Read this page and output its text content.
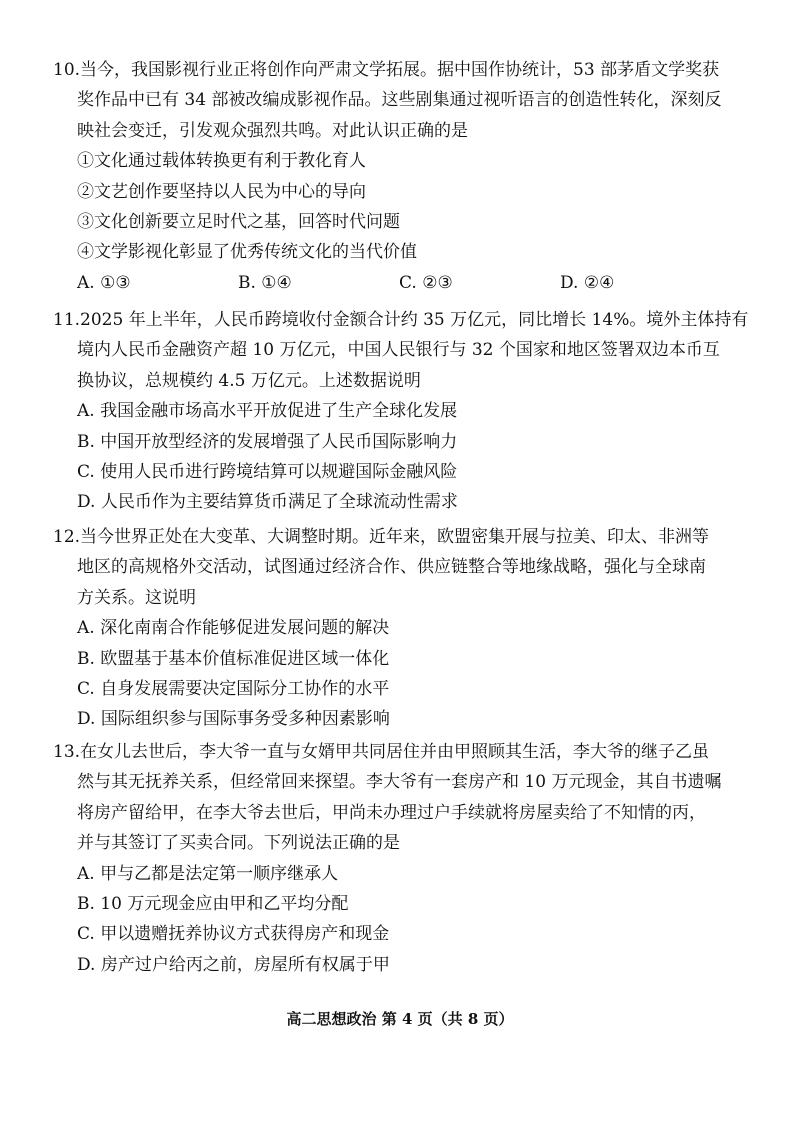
10.当今，我国影视行业正将创作向严肃文学拓展。据中国作协统计，53 部茅盾文学奖获
奖作品中已有 34 部被改编成影视作品。这些剧集通过视听语言的创造性转化，深刻反
映社会变迁，引发观众强烈共鸣。对此认识正确的是

①文化通过载体转换更有利于教化育人

②文艺创作要坚持以人民为中心的导向

③文化创新要立足时代之基，回答时代问题

④文学影视化彰显了优秀传统文化的当代价值

A. ①③	B. ①④	C. ②③	D. ②④

11.2025 年上半年，人民币跨境收付金额合计约 35 万亿元，同比增长 14%。境外主体持有
境内人民币金融资产超 10 万亿元，中国人民银行与 32 个国家和地区签署双边本币互
换协议，总规模约 4.5 万亿元。上述数据说明

A. 我国金融市场高水平开放促进了生产全球化发展

B. 中国开放型经济的发展增强了人民币国际影响力

C. 使用人民币进行跨境结算可以规避国际金融风险

D. 人民币作为主要结算货币满足了全球流动性需求

12.当今世界正处在大变革、大调整时期。近年来，欧盟密集开展与拉美、印太、非洲等
地区的高规格外交活动，试图通过经济合作、供应链整合等地缘战略，强化与全球南
方关系。这说明

A. 深化南南合作能够促进发展问题的解决

B. 欧盟基于基本价值标准促进区域一体化

C. 自身发展需要决定国际分工协作的水平

D. 国际组织参与国际事务受多种因素影响

13.在女儿去世后，李大爷一直与女婿甲共同居住并由甲照顾其生活，李大爷的继子乙虽
然与其无抚养关系，但经常回来探望。李大爷有一套房产和 10 万元现金，其自书遗嘱
将房产留给甲，在李大爷去世后，甲尚未办理过户手续就将房屋卖给了不知情的丙，
并与其签订了买卖合同。下列说法正确的是

A. 甲与乙都是法定第一顺序继承人

B. 10 万元现金应由甲和乙平均分配

C. 甲以遗赠抚养协议方式获得房产和现金

D. 房产过户给丙之前，房屋所有权属于甲

高二思想政治 第 4 页（共 8 页）
